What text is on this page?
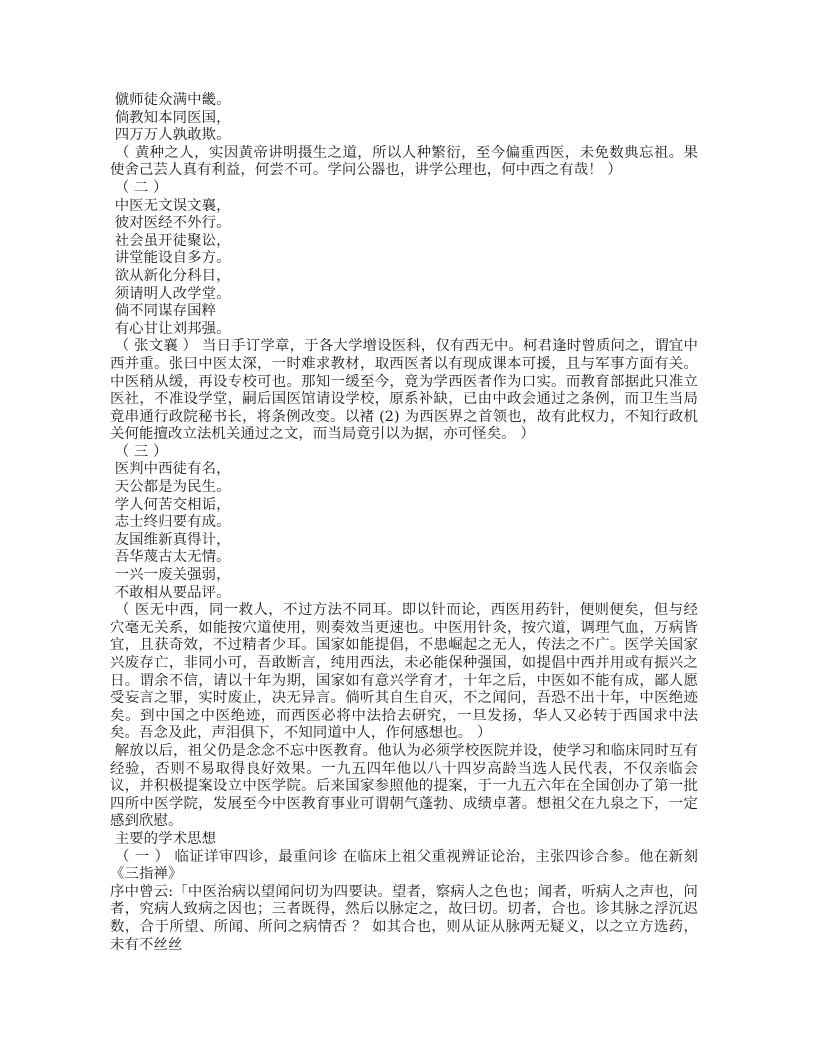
僦师徒众满中畿。

倘教知本同医国，

四万万人孰敢欺。

（ 黄种之人，实因黄帝讲明摄生之道，所以人种繁衍，至今偏重西医，未免数典忘祖。果使舍己芸人真有利益，何尝不可。学问公器也，讲学公理也，何中西之有哉！ ）

（ 二 ）

中医无文误文襄，

彼对医经不外行。

社会虽开徒聚讼，

讲堂能设自多方。

欲从新化分科目，

须请明人改学堂。

倘不同谋存国粹

有心甘让刘邦强。

（ 张文襄 ） 当日手订学章，于各大学增设医科，仅有西无中。柯君逢时曾质问之，谓宜中西并重。张曰中医太深，一时难求教材，取西医者以有现成课本可援，且与军事方面有关。中医稍从缓，再设专校可也。那知一缓至今，竟为学西医者作为口实。而教育部据此只准立医社，不准设学堂，嗣后国医馆请设学校，原系补缺，已由中政会通过之条例，而卫生当局竟串通行政院秘书长，将条例改变。以褚 (2) 为西医界之首领也，故有此权力，不知行政机关何能擅改立法机关通过之文，而当局竟引以为据，亦可怪矣。 ）

（ 三 ）

医判中西徒有名，

天公都是为民生。

学人何苦交相诟，

志士终归要有成。

友国维新真得计，

吾华蔑古太无情。

一兴一废关强弱，

不敢相从要品评。

（ 医无中西，同一救人，不过方法不同耳。即以针而论，西医用药针，便则便矣，但与经穴毫无关系，如能按穴道使用，则奏效当更速也。中医用针灸，按穴道，调理气血，万病皆宜，且获奇效，不过精者少耳。国家如能提倡，不患崛起之无人，传法之不广。医学关国家兴废存亡，非同小可，吾敢断言，纯用西法，未必能保种强国，如提倡中西并用或有振兴之日。谓余不信，请以十年为期，国家如有意兴学育才，十年之后，中医如不能有成，鄙人愿受妄言之罪，实时废止，决无异言。倘听其自生自灭，不之闻问，吾恐不出十年，中医绝迹矣。到中国之中医绝迹，而西医必将中法拾去研究，一旦发扬，华人又必转于西国求中法矣。吾念及此，声泪俱下，不知同道中人，作何感想也。 ）

解放以后，祖父仍是念念不忘中医教育。他认为必须学校医院并设，使学习和临床同时互有经验，否则不易取得良好效果。一九五四年他以八十四岁高龄当选人民代表，不仅亲临会议，并积极提案设立中医学院。后来国家参照他的提案，于一九五六年在全国创办了第一批四所中医学院，发展至今中医教育事业可谓朝气蓬勃、成绩卓著。想祖父在九泉之下，一定感到欣慰。

主要的学术思想

（ 一 ） 临证详审四诊，最重问诊 在临床上祖父重视辨证论治，主张四诊合参。他在新刻《三指禅》

序中曾云:「中医治病以望闻问切为四要诀。望者，察病人之色也；闻者，听病人之声也，问者，究病人致病之因也；三者既得，然后以脉定之，故曰切。切者，合也。诊其脉之浮沉迟数，合于所望、所闻、所问之病情否 ？ 如其合也，则从证从脉两无疑义，以之立方选药，未有不丝丝
